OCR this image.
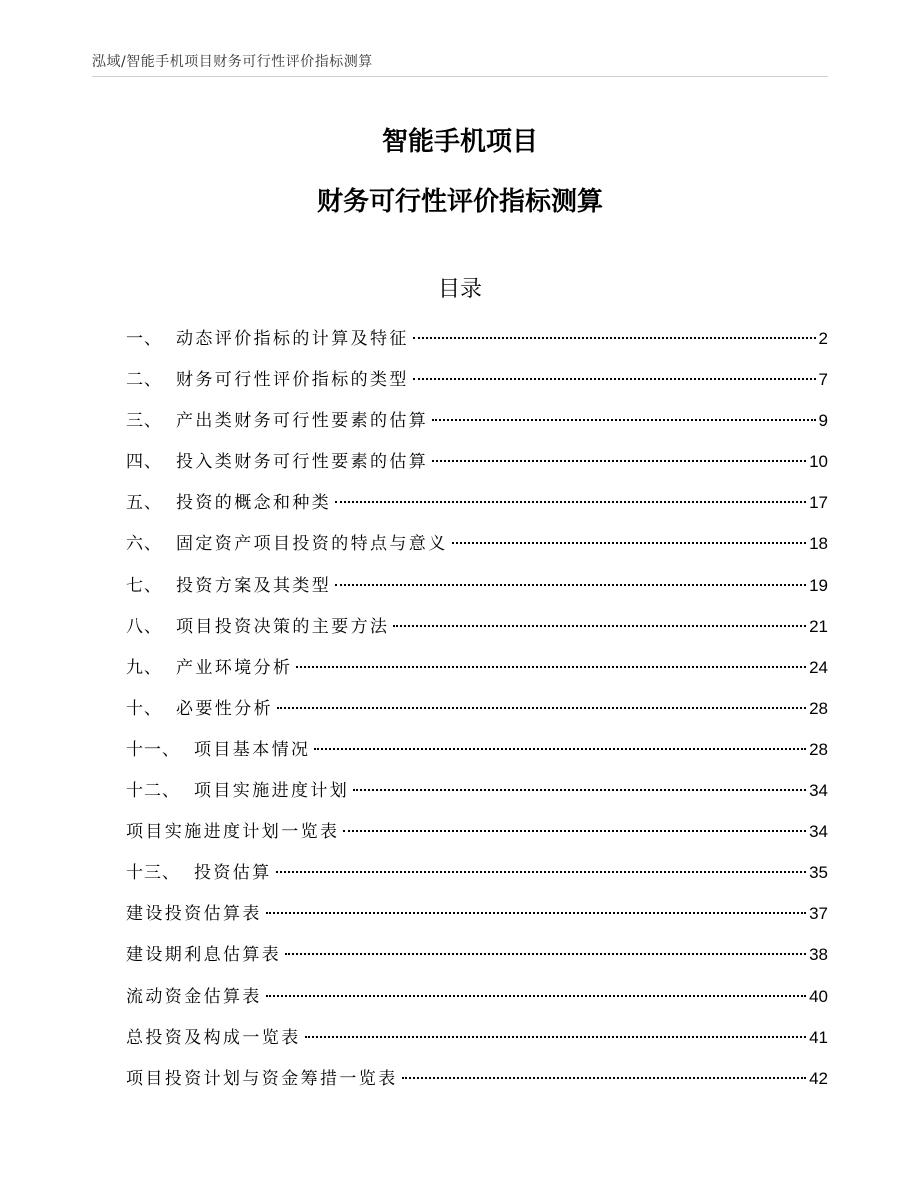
泓域/智能手机项目财务可行性评价指标测算
智能手机项目
财务可行性评价指标测算
目录
一、 动态评价指标的计算及特征	2
二、 财务可行性评价指标的类型	7
三、 产出类财务可行性要素的估算	9
四、 投入类财务可行性要素的估算	10
五、 投资的概念和种类	17
六、 固定资产项目投资的特点与意义	18
七、 投资方案及其类型	19
八、 项目投资决策的主要方法	21
九、 产业环境分析	24
十、 必要性分析	28
十一、 项目基本情况	28
十二、 项目实施进度计划	34
项目实施进度计划一览表	34
十三、 投资估算	35
建设投资估算表	37
建设期利息估算表	38
流动资金估算表	40
总投资及构成一览表	41
项目投资计划与资金筹措一览表	42
